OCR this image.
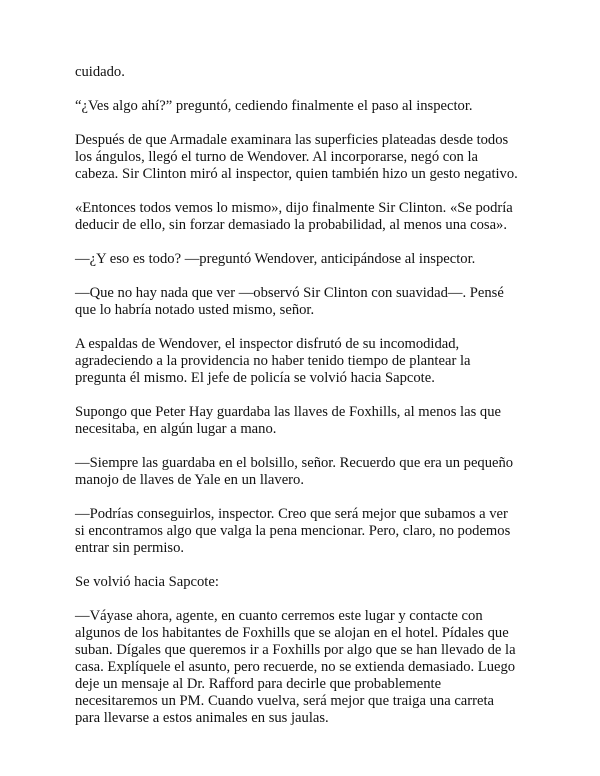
cuidado.

“¿Ves algo ahí?” preguntó, cediendo finalmente el paso al inspector.

Después de que Armadale examinara las superficies plateadas desde todos
los ángulos, llegó el turno de Wendover. Al incorporarse, negó con la
cabeza. Sir Clinton miró al inspector, quien también hizo un gesto negativo.

«Entonces todos vemos lo mismo», dijo finalmente Sir Clinton. «Se podría
deducir de ello, sin forzar demasiado la probabilidad, al menos una cosa».

—¿Y eso es todo? —preguntó Wendover, anticipándose al inspector.

—Que no hay nada que ver —observó Sir Clinton con suavidad—. Pensé
que lo habría notado usted mismo, señor.

A espaldas de Wendover, el inspector disfrutó de su incomodidad,
agradeciendo a la providencia no haber tenido tiempo de plantear la
pregunta él mismo. El jefe de policía se volvió hacia Sapcote.

Supongo que Peter Hay guardaba las llaves de Foxhills, al menos las que
necesitaba, en algún lugar a mano.

—Siempre las guardaba en el bolsillo, señor. Recuerdo que era un pequeño
manojo de llaves de Yale en un llavero.

—Podrías conseguirlos, inspector. Creo que será mejor que subamos a ver
si encontramos algo que valga la pena mencionar. Pero, claro, no podemos
entrar sin permiso.

Se volvió hacia Sapcote:

—Váyase ahora, agente, en cuanto cerremos este lugar y contacte con
algunos de los habitantes de Foxhills que se alojan en el hotel. Pídales que
suban. Dígales que queremos ir a Foxhills por algo que se han llevado de la
casa. Explíquele el asunto, pero recuerde, no se extienda demasiado. Luego
deje un mensaje al Dr. Rafford para decirle que probablemente
necesitaremos un PM. Cuando vuelva, será mejor que traiga una carreta
para llevarse a estos animales en sus jaulas.
